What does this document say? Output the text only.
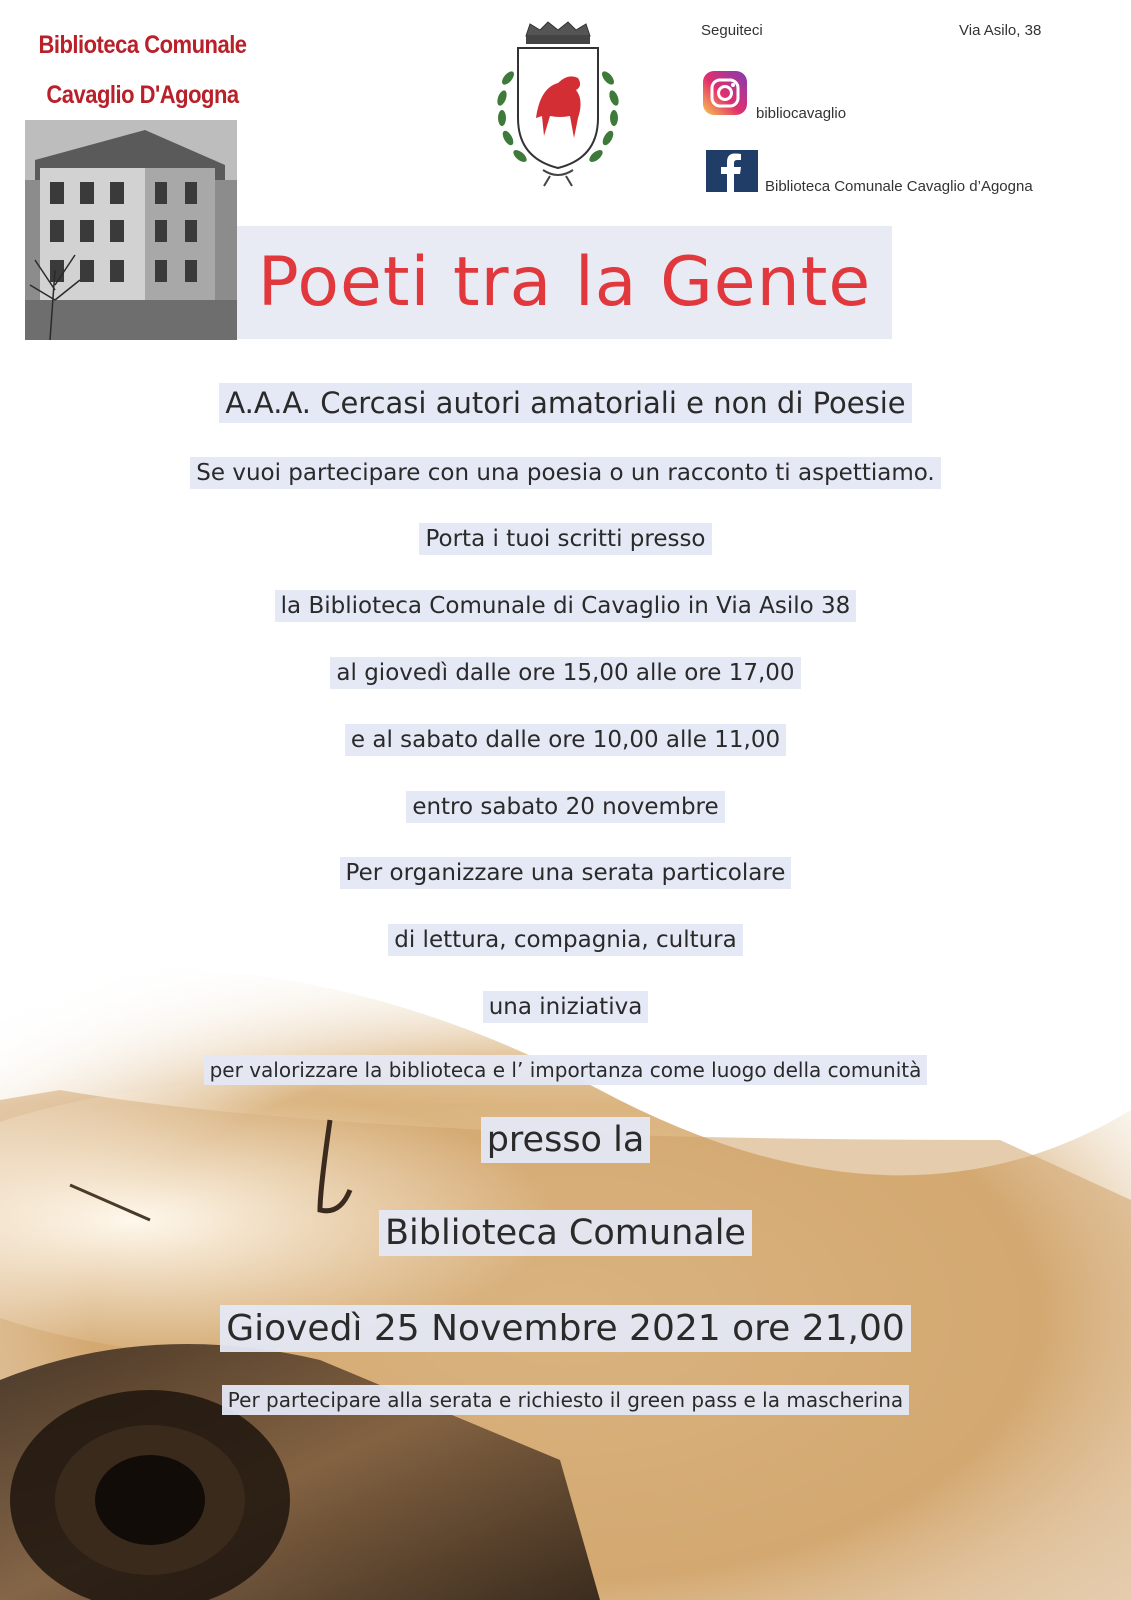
Biblioteca Comunale
Cavaglio D'Agogna
Seguiteci	Via Asilo, 38
bibliocavaglio
Biblioteca Comunale Cavaglio d’Agogna
Poeti tra la Gente
A.A.A. Cercasi autori amatoriali e non di Poesie
Se vuoi partecipare con una poesia o un racconto ti aspettiamo.
Porta i tuoi scritti presso
la Biblioteca Comunale di Cavaglio in Via Asilo 38
al giovedì dalle ore 15,00 alle ore 17,00
e al sabato dalle ore 10,00 alle 11,00
entro sabato 20 novembre
Per organizzare una serata particolare
di lettura, compagnia, cultura
una iniziativa
per valorizzare la biblioteca e l’ importanza come luogo della comunità
presso la
Biblioteca Comunale
Giovedì 25 Novembre 2021 ore 21,00
Per partecipare alla serata e richiesto il green pass e la mascherina
